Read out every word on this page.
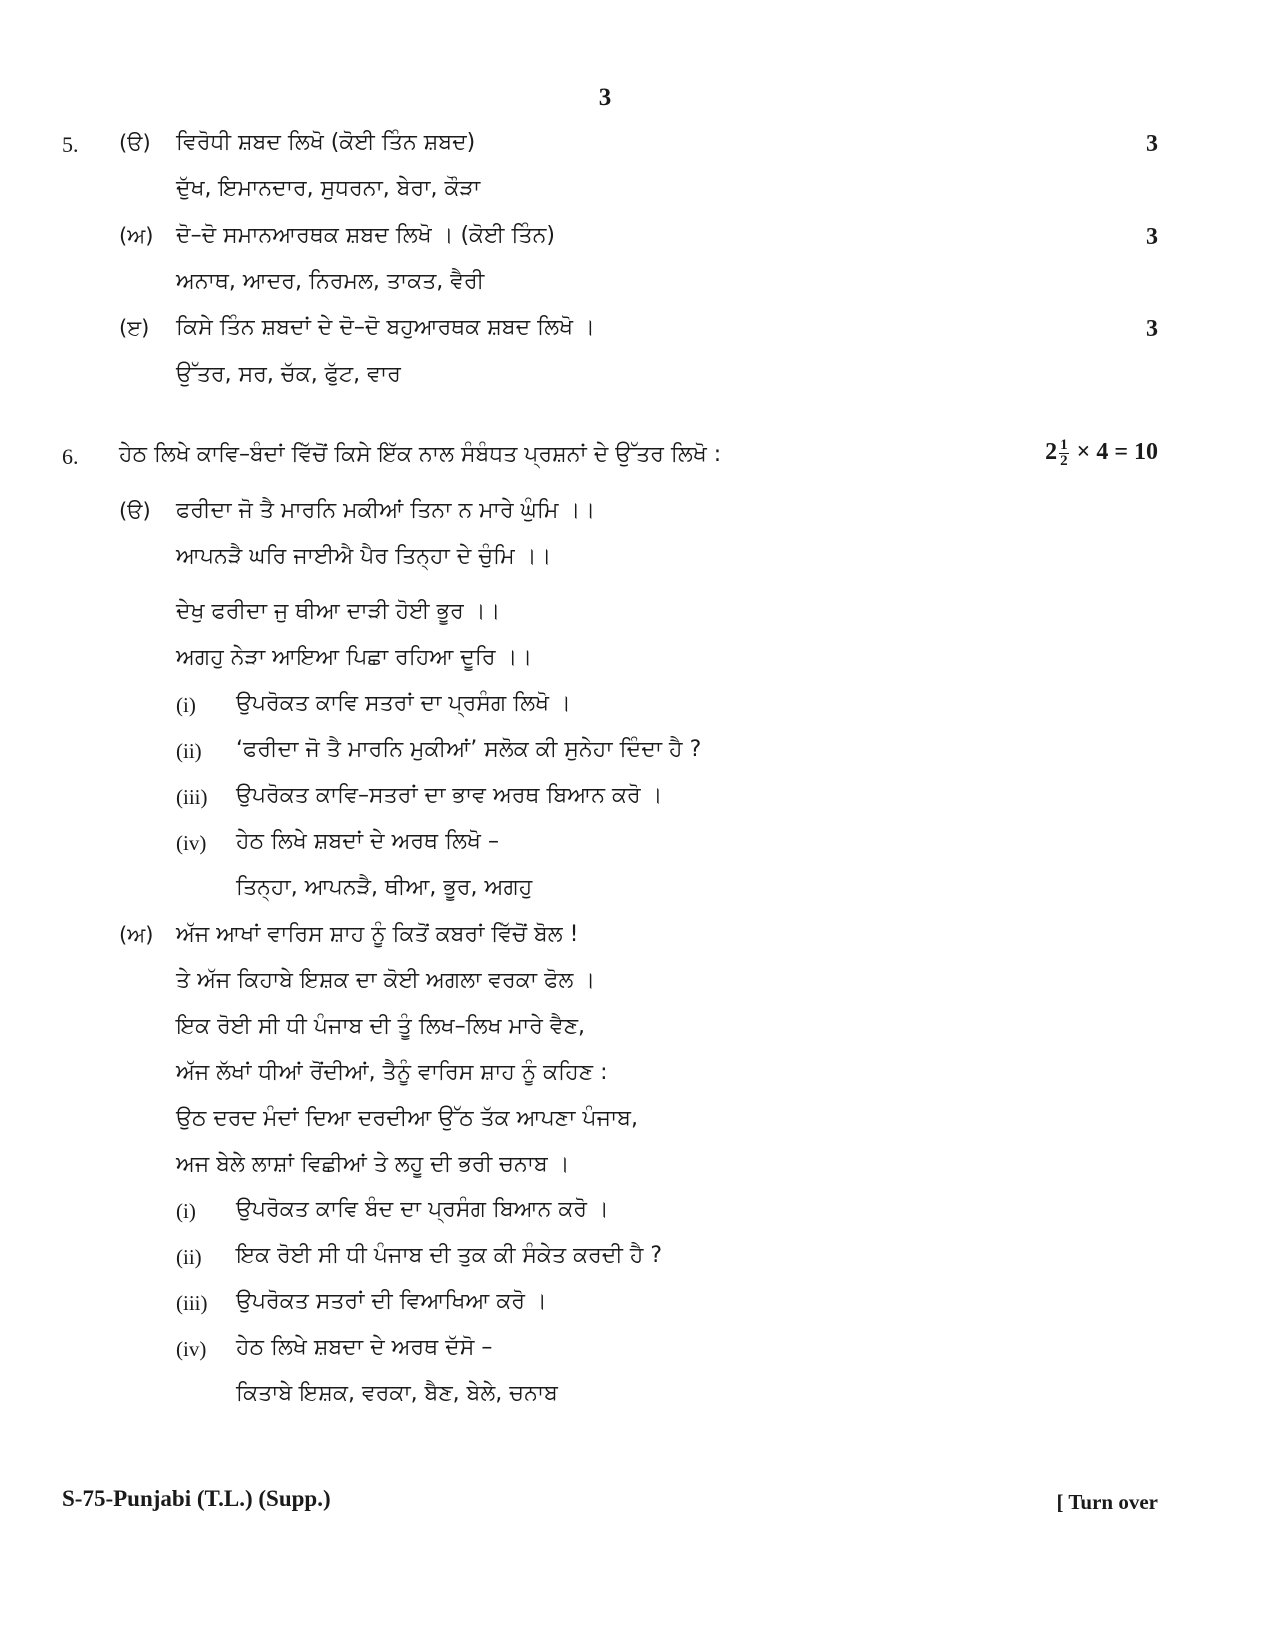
3
5. (ੳ) ਵਿਰੋਧੀ ਸ਼ਬਦ ਲਿਖੋ (ਕੋਈ ਤਿੰਨ ਸ਼ਬਦ)	3
ਦੁੱਖ, ਇਮਾਨਦਾਰ, ਸੁਧਰਨਾ, ਬੇਰਾ, ਕੌੜਾ
(ਅ) ਦੋ–ਦੋ ਸਮਾਨਆਰਥਕ ਸ਼ਬਦ ਲਿਖੋ । (ਕੋਈ ਤਿੰਨ)	3
ਅਨਾਥ, ਆਦਰ, ਨਿਰਮਲ, ਤਾਕਤ, ਵੈਰੀ
(ੲ) ਕਿਸੇ ਤਿੰਨ ਸ਼ਬਦਾਂ ਦੇ ਦੋ–ਦੋ ਬਹੁਆਰਥਕ ਸ਼ਬਦ ਲਿਖੋ ।	3
ਉੱਤਰ, ਸਰ, ਚੱਕ, ਫੁੱਟ, ਵਾਰ
6. ਹੇਠ ਲਿਖੇ ਕਾਵਿ–ਬੰਦਾਂ ਵਿੱਚੋਂ ਕਿਸੇ ਇੱਕ ਨਾਲ ਸੰਬੰਧਤ ਪ੍ਰਸ਼ਨਾਂ ਦੇ ਉੱਤਰ ਲਿਖੋ :	$2 \frac{1}{2} \times 4 = 10$
(ੳ) ਫਰੀਦਾ ਜੋ ਤੈ ਮਾਰਨਿ ਮਕੀਆਂ ਤਿਨਾ ਨ ਮਾਰੇ ਘੁੰਮਿ ।।
ਆਪਨੜੈ ਘਰਿ ਜਾਈਐ ਪੈਰ ਤਿਨ੍ਹਾ ਦੇ ਚੁੰਮਿ ।।
ਦੇਖੁ ਫਰੀਦਾ ਜੁ ਥੀਆ ਦਾੜੀ ਹੋਈ ਭੂਰ ।।
ਅਗਹੁ ਨੇੜਾ ਆਇਆ ਪਿਛਾ ਰਹਿਆ ਦੂਰਿ ।।
(i) ਉਪਰੋਕਤ ਕਾਵਿ ਸਤਰਾਂ ਦਾ ਪ੍ਰਸੰਗ ਲਿਖੋ ।
(ii) ‘ਫਰੀਦਾ ਜੋ ਤੈ ਮਾਰਨਿ ਮੁਕੀਆਂ’ ਸਲੋਕ ਕੀ ਸੁਨੇਹਾ ਦਿੰਦਾ ਹੈ ?
(iii) ਉਪਰੋਕਤ ਕਾਵਿ–ਸਤਰਾਂ ਦਾ ਭਾਵ ਅਰਥ ਬਿਆਨ ਕਰੋ ।
(iv) ਹੇਠ ਲਿਖੇ ਸ਼ਬਦਾਂ ਦੇ ਅਰਥ ਲਿਖੋ –
ਤਿਨ੍ਹਾ, ਆਪਨੜੈ, ਥੀਆ, ਭੂਰ, ਅਗਹੁ
(ਅ) ਅੱਜ ਆਖਾਂ ਵਾਰਿਸ ਸ਼ਾਹ ਨੂੰ ਕਿਤੋਂ ਕਬਰਾਂ ਵਿੱਚੋਂ ਬੋਲ !
ਤੇ ਅੱਜ ਕਿਹਾਬੇ ਇਸ਼ਕ ਦਾ ਕੋਈ ਅਗਲਾ ਵਰਕਾ ਫੋਲ ।
ਇਕ ਰੋਈ ਸੀ ਧੀ ਪੰਜਾਬ ਦੀ ਤੂੰ ਲਿਖ–ਲਿਖ ਮਾਰੇ ਵੈਣ,
ਅੱਜ ਲੱਖਾਂ ਧੀਆਂ ਰੋਂਦੀਆਂ, ਤੈਨੂੰ ਵਾਰਿਸ ਸ਼ਾਹ ਨੂੰ ਕਹਿਣ :
ਉਠ ਦਰਦ ਮੰਦਾਂ ਦਿਆ ਦਰਦੀਆ ਉੱਠ ਤੱਕ ਆਪਣਾ ਪੰਜਾਬ,
ਅਜ ਬੇਲੇ ਲਾਸ਼ਾਂ ਵਿਛੀਆਂ ਤੇ ਲਹੂ ਦੀ ਭਰੀ ਚਨਾਬ ।
(i) ਉਪਰੋਕਤ ਕਾਵਿ ਬੰਦ ਦਾ ਪ੍ਰਸੰਗ ਬਿਆਨ ਕਰੋ ।
(ii) ਇਕ ਰੋਈ ਸੀ ਧੀ ਪੰਜਾਬ ਦੀ ਤੁਕ ਕੀ ਸੰਕੇਤ ਕਰਦੀ ਹੈ ?
(iii) ਉਪਰੋਕਤ ਸਤਰਾਂ ਦੀ ਵਿਆਖਿਆ ਕਰੋ ।
(iv) ਹੇਠ ਲਿਖੇ ਸ਼ਬਦਾ ਦੇ ਅਰਥ ਦੱਸੋ –
ਕਿਤਾਬੇ ਇਸ਼ਕ, ਵਰਕਾ, ਬੈਣ, ਬੇਲੇ, ਚਨਾਬ
S-75-Punjabi (T.L.) (Supp.)	[ Turn over
